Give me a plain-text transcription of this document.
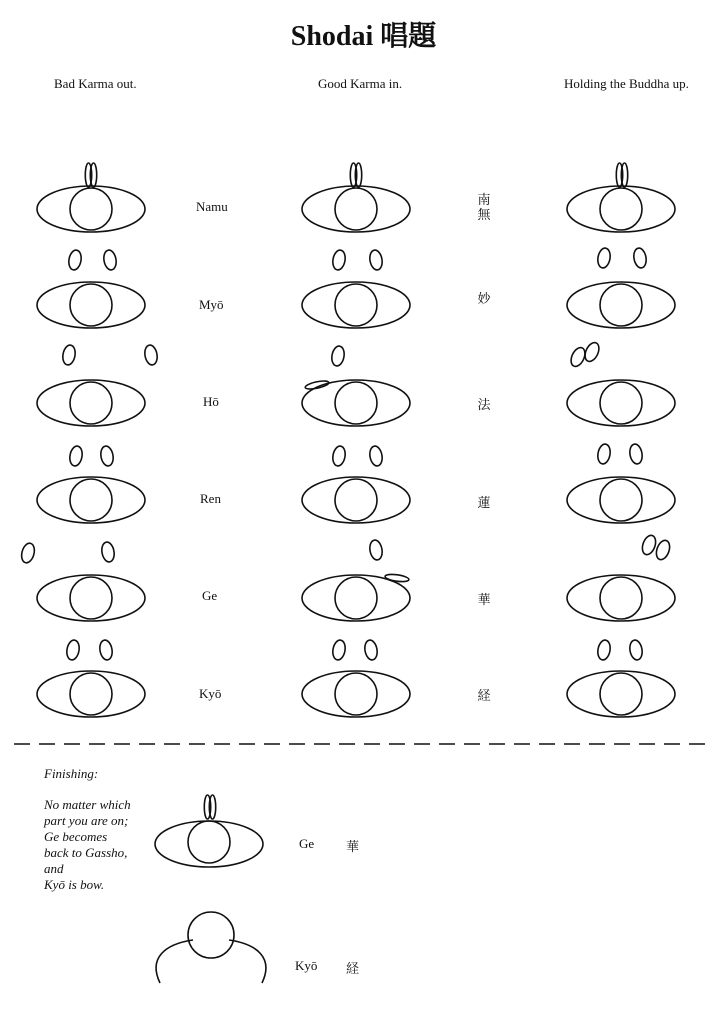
Shodai 唱題
Bad Karma out.	Good Karma in.	Holding the Buddha up.
Namu
Myō
Hō
Ren
Ge
Kyō
南
無
妙
法
蓮
華
経
Finishing:
No matter which
part you are on;
Ge becomes
back to Gassho,
and
Kyō is bow.
Ge 華
Kyō 経
